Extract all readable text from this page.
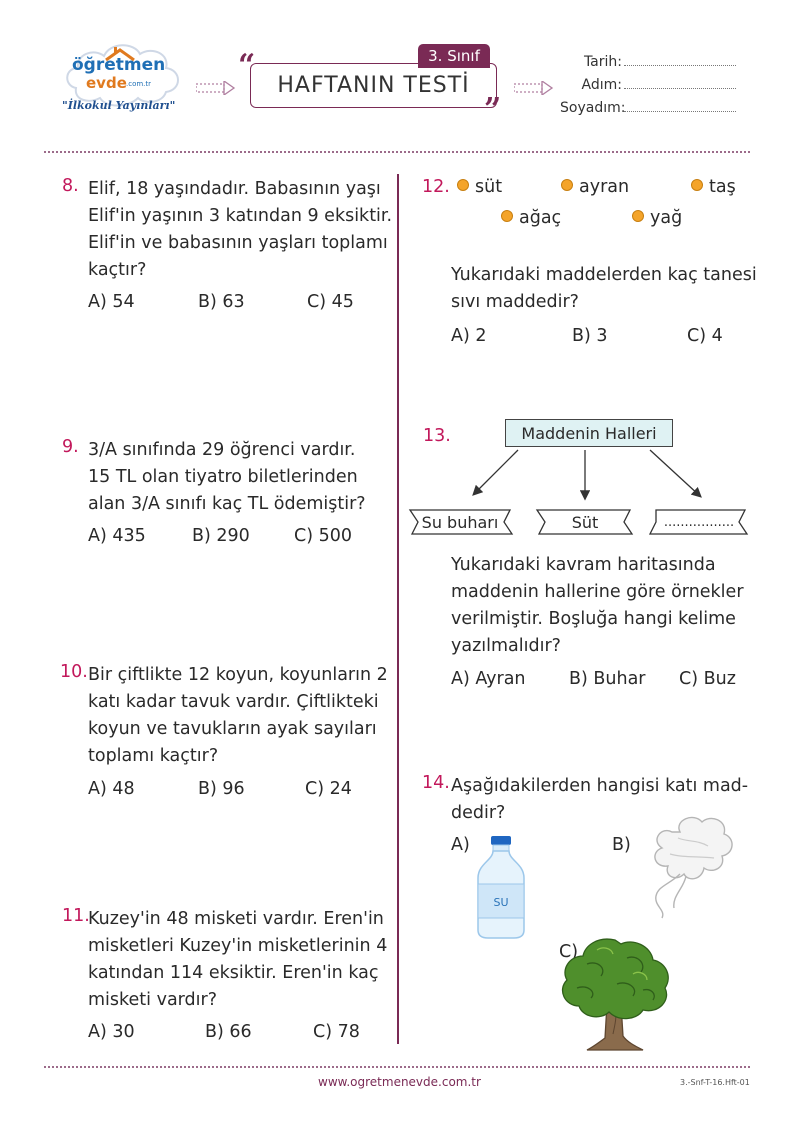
öğretmen
evde .com.tr
"İlkokul Yayınları"
“
HAFTANIN TESTİ
3. Sınıf
”
Tarih:
Adım:
Soyadım:
8. Elif, 18 yaşındadır. Babasının yaşı
Elif'in yaşının 3 katından 9 eksiktir.
Elif'in ve babasının yaşları toplamı
kaçtır?
A) 54	B) 63	C) 45
9. 3/A sınıfında 29 öğrenci vardır.
15 TL olan tiyatro biletlerinden
alan 3/A sınıfı kaç TL ödemiştir?
A) 435	B) 290	C) 500
10. Bir çiftlikte 12 koyun, koyunların 2
katı kadar tavuk vardır. Çiftlikteki
koyun ve tavukların ayak sayıları
toplamı kaçtır?
A) 48	B) 96	C) 24
11.
Kuzey'in 48 misketi vardır. Eren'in
misketleri Kuzey'in misketlerinin 4
katından 114 eksiktir. Eren'in kaç
misketi vardır?
A) 30	B) 66	C) 78
12.	süt	ayran	taş
ağaç	yağ
Yukarıdaki maddelerden kaç tanesi
sıvı maddedir?
A) 2	B) 3	C) 4
13.	Maddenin Halleri
Su buharı	Süt	.................
Yukarıdaki kavram haritasında
maddenin hallerine göre örnekler
verilmiştir. Boşluğa hangi kelime
yazılmalıdır?
A) Ayran B) Buhar C) Buz
14. Aşağıdakilerden hangisi katı mad-
dedir?
A)	B)
C)
SU
www.ogretmenevde.com.tr	3.-Snf-T-16.Hft-01
